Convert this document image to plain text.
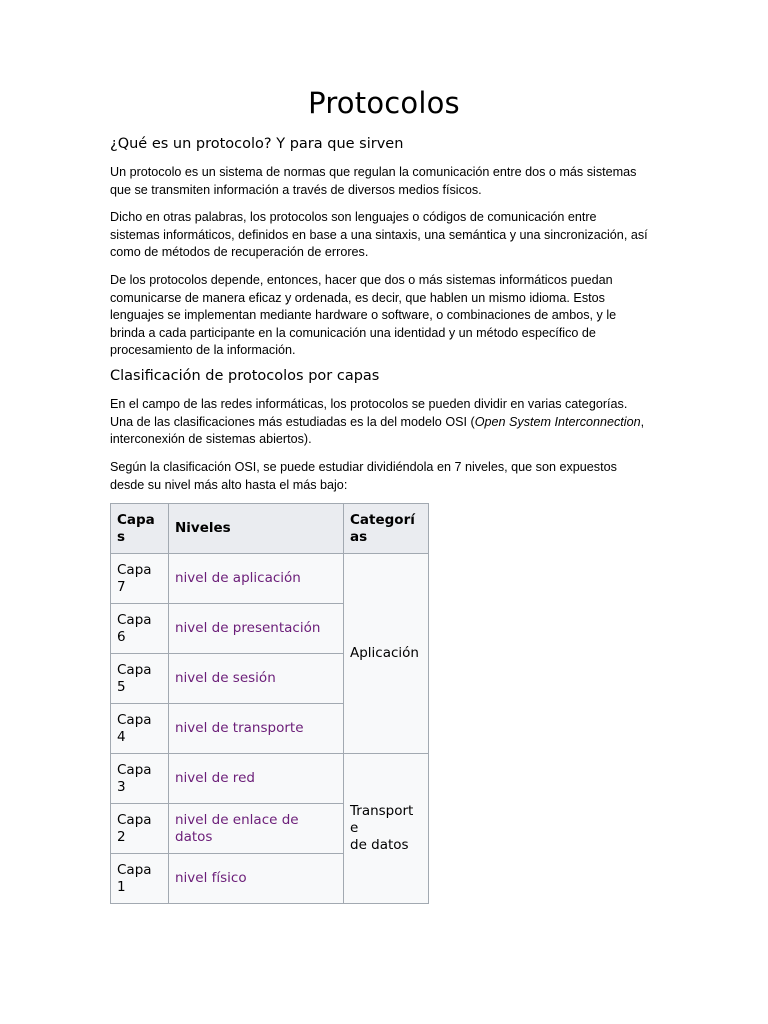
Protocolos
¿Qué es un protocolo? Y para que sirven

Un protocolo es un sistema de normas que regulan la comunicación entre dos o más sistemas
que se transmiten información a través de diversos medios físicos.

Dicho en otras palabras, los protocolos son lenguajes o códigos de comunicación entre
sistemas informáticos, definidos en base a una sintaxis, una semántica y una sincronización, así
como de métodos de recuperación de errores.

De los protocolos depende, entonces, hacer que dos o más sistemas informáticos puedan
comunicarse de manera eficaz y ordenada, es decir, que hablen un mismo idioma. Estos
lenguajes se implementan mediante hardware o software, o combinaciones de ambos, y le
brinda a cada participante en la comunicación una identidad y un método específico de
procesamiento de la información.

Clasificación de protocolos por capas

En el campo de las redes informáticas, los protocolos se pueden dividir en varias categorías.
Una de las clasificaciones más estudiadas es la del modelo OSI (Open System Interconnection,
interconexión de sistemas abiertos).

Según la clasificación OSI, se puede estudiar dividiéndola en 7 niveles, que son expuestos
desde su nivel más alto hasta el más bajo:

Capa
s	Niveles	Categorí
as
Capa
7	nivel de aplicación	Aplicación
Capa
6	nivel de presentación	
Capa
5	nivel de sesión	
Capa
4	nivel de transporte	
Capa
3	nivel de red	Transport
e
de datos
Capa
2	nivel de enlace de
datos	
Capa
1	nivel físico	
